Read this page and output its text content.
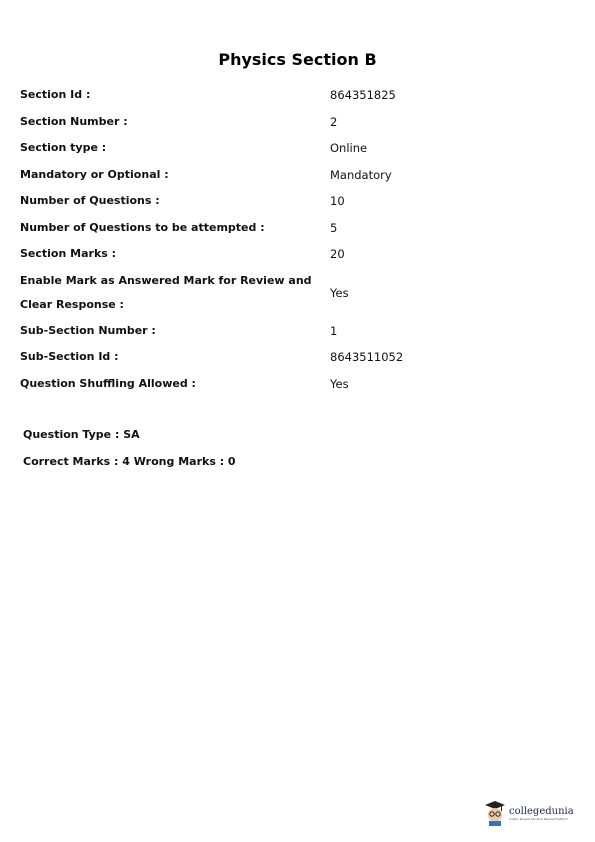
Physics Section B
Section Id :	864351825
Section Number :	2
Section type :	Online
Mandatory or Optional :	Mandatory
Number of Questions :	10
Number of Questions to be attempted :	5
Section Marks :	20
Enable Mark as Answered Mark for Review and Clear Response :
Yes
Sub-Section Number :	1
Sub-Section Id :	8643511052
Question Shuffling Allowed :	Yes
Question Type : SA
Correct Marks : 4 Wrong Marks : 0
collegedunia
India's largest Student Review Platform
